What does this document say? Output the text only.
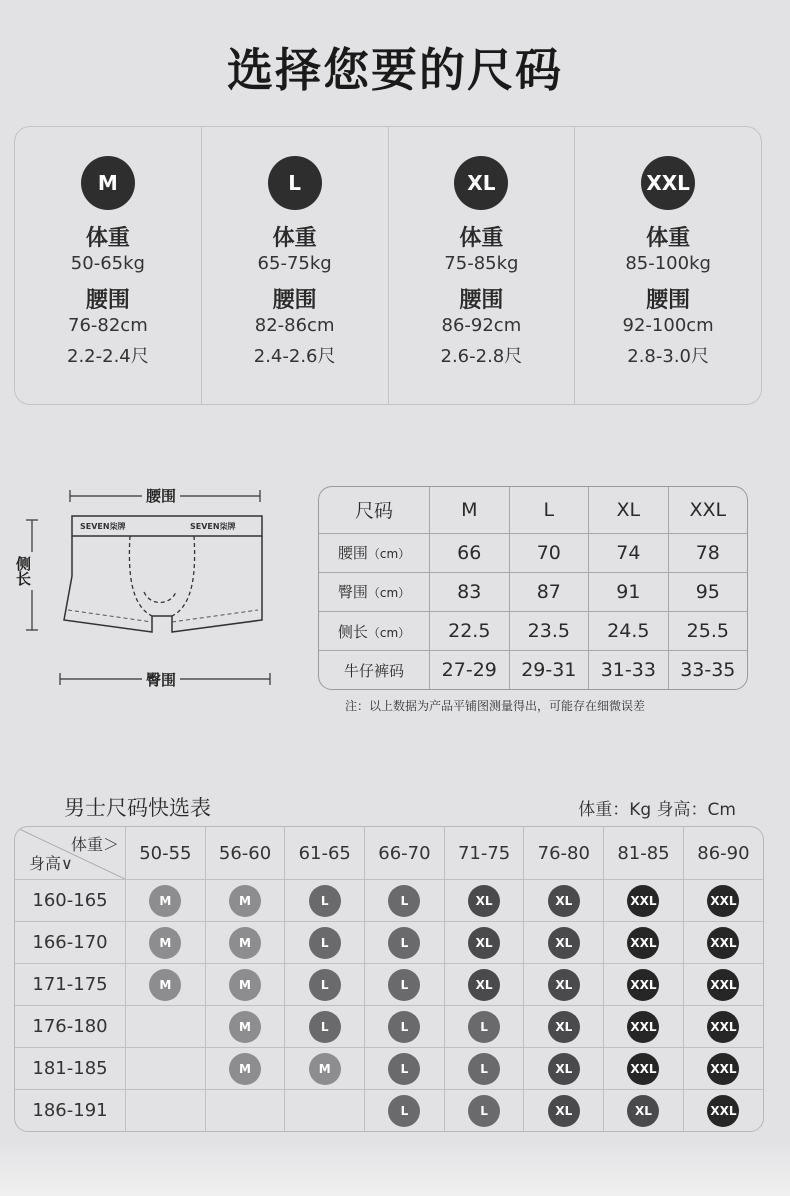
选择您要的尺码
M
体重
50-65kg
腰围
76-82cm
2.2-2.4尺
L
体重
65-75kg
腰围
82-86cm
2.4-2.6尺
XL
体重
75-85kg
腰围
86-92cm
2.6-2.8尺
XXL
体重
85-100kg
腰围
92-100cm
2.8-3.0尺
腰围
侧长
臀围
SEVEN柒牌	SEVEN柒牌
尺码	M	L	XL	XXL
腰围（cm）	66	70	74	78
臀围（cm）	83	87	91	95
侧长（cm）	22.5	23.5	24.5	25.5
牛仔裤码	27-29	29-31	31-33	33-35
注：以上数据为产品平铺图测量得出，可能存在细微误差
男士尺码快选表	体重：Kg 身高：Cm
体重＞
身高∨	50-55	56-60	61-65	66-70	71-75	76-80	81-85	86-90
160-165	M	M	L	L	XL	XL	XXL	XXL
166-170	M	M	L	L	XL	XL	XXL	XXL
171-175	M	M	L	L	XL	XL	XXL	XXL
176-180		M	L	L	L	XL	XXL	XXL
181-185		M	M	L	L	XL	XXL	XXL
186-191				L	L	XL	XL	XXL
